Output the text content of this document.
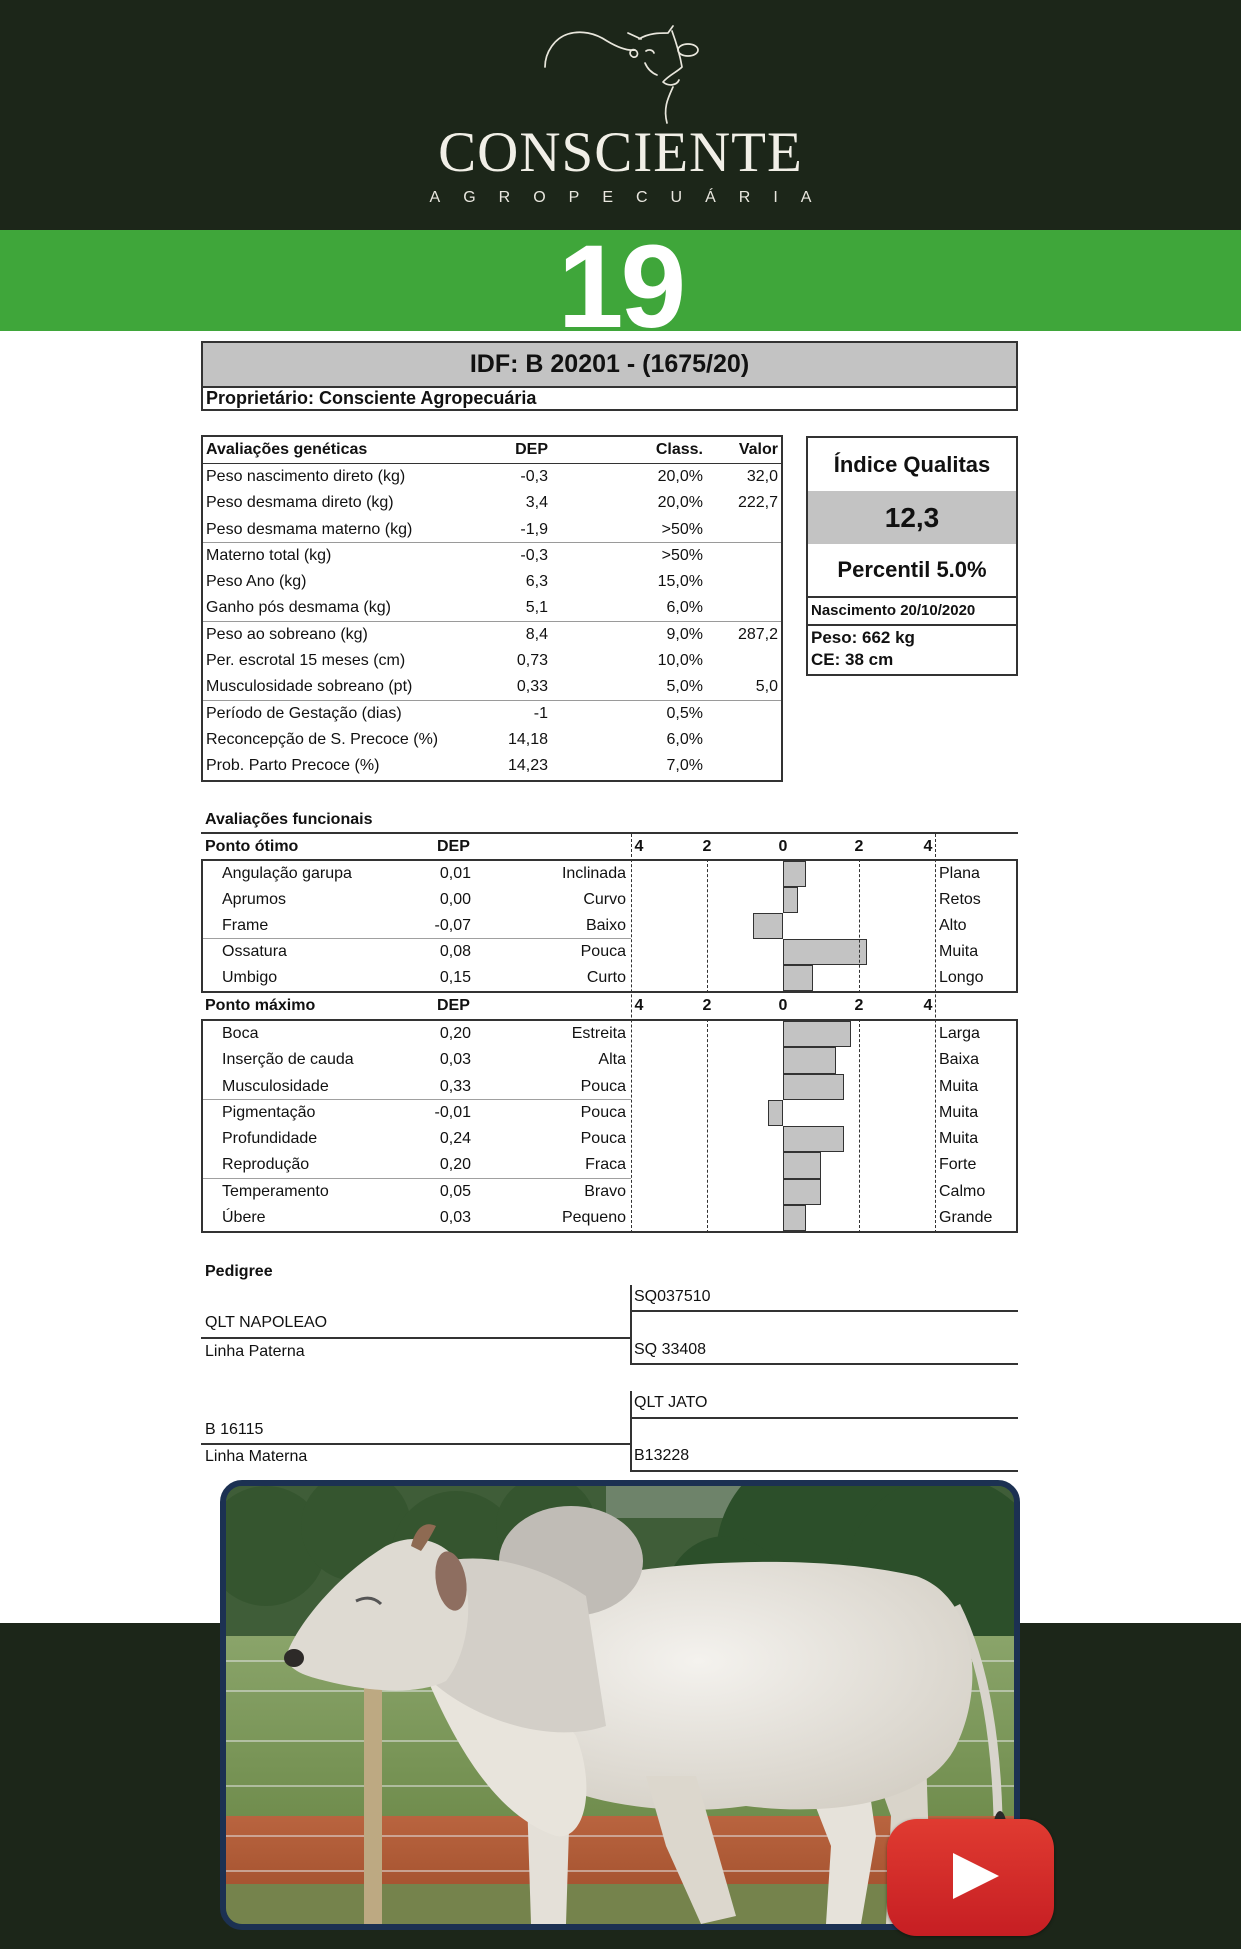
CONSCIENTE
AGROPECUÁRIA
19
IDF: B 20201 - (1675/20)
Proprietário: Consciente Agropecuária
Avaliações genéticas	DEP	Class.	Valor
Peso nascimento direto (kg)	-0,3	20,0%	32,0
Peso desmama direto (kg)	3,4	20,0%	222,7
Peso desmama materno (kg)	-1,9	>50%
Materno total (kg)	-0,3	>50%
Peso Ano (kg)	6,3	15,0%
Ganho pós desmama (kg)	5,1	6,0%
Peso ao sobreano (kg)	8,4	9,0%	287,2
Per. escrotal 15 meses (cm)	0,73	10,0%
Musculosidade sobreano (pt)	0,33	5,0%	5,0
Período de Gestação (dias)	-1	0,5%
Reconcepção de S. Precoce (%)	14,18	6,0%
Prob. Parto Precoce (%)	14,23	7,0%
Índice Qualitas
12,3
Percentil 5.0%
Nascimento 20/10/2020
Peso: 662 kg
CE: 38 cm
Avaliações funcionais
Ponto ótimo	DEP	4	2	0	2	4
Angulação garupa	0,01	Inclinada	Plana
Aprumos	0,00	Curvo	Retos
Frame	-0,07	Baixo	Alto
Ossatura	0,08	Pouca	Muita
Umbigo	0,15	Curto	Longo
Ponto máximo	DEP	4	2	0	2	4
Boca	0,20	Estreita	Larga
Inserção de cauda	0,03	Alta	Baixa
Musculosidade	0,33	Pouca	Muita
Pigmentação	-0,01	Pouca	Muita
Profundidade	0,24	Pouca	Muita
Reprodução	0,20	Fraca	Forte
Temperamento	0,05	Bravo	Calmo
Úbere	0,03	Pequeno	Grande
Pedigree
SQ037510
QLT NAPOLEAO
Linha Paterna	SQ 33408
QLT JATO
B 16115
Linha Materna	B13228
